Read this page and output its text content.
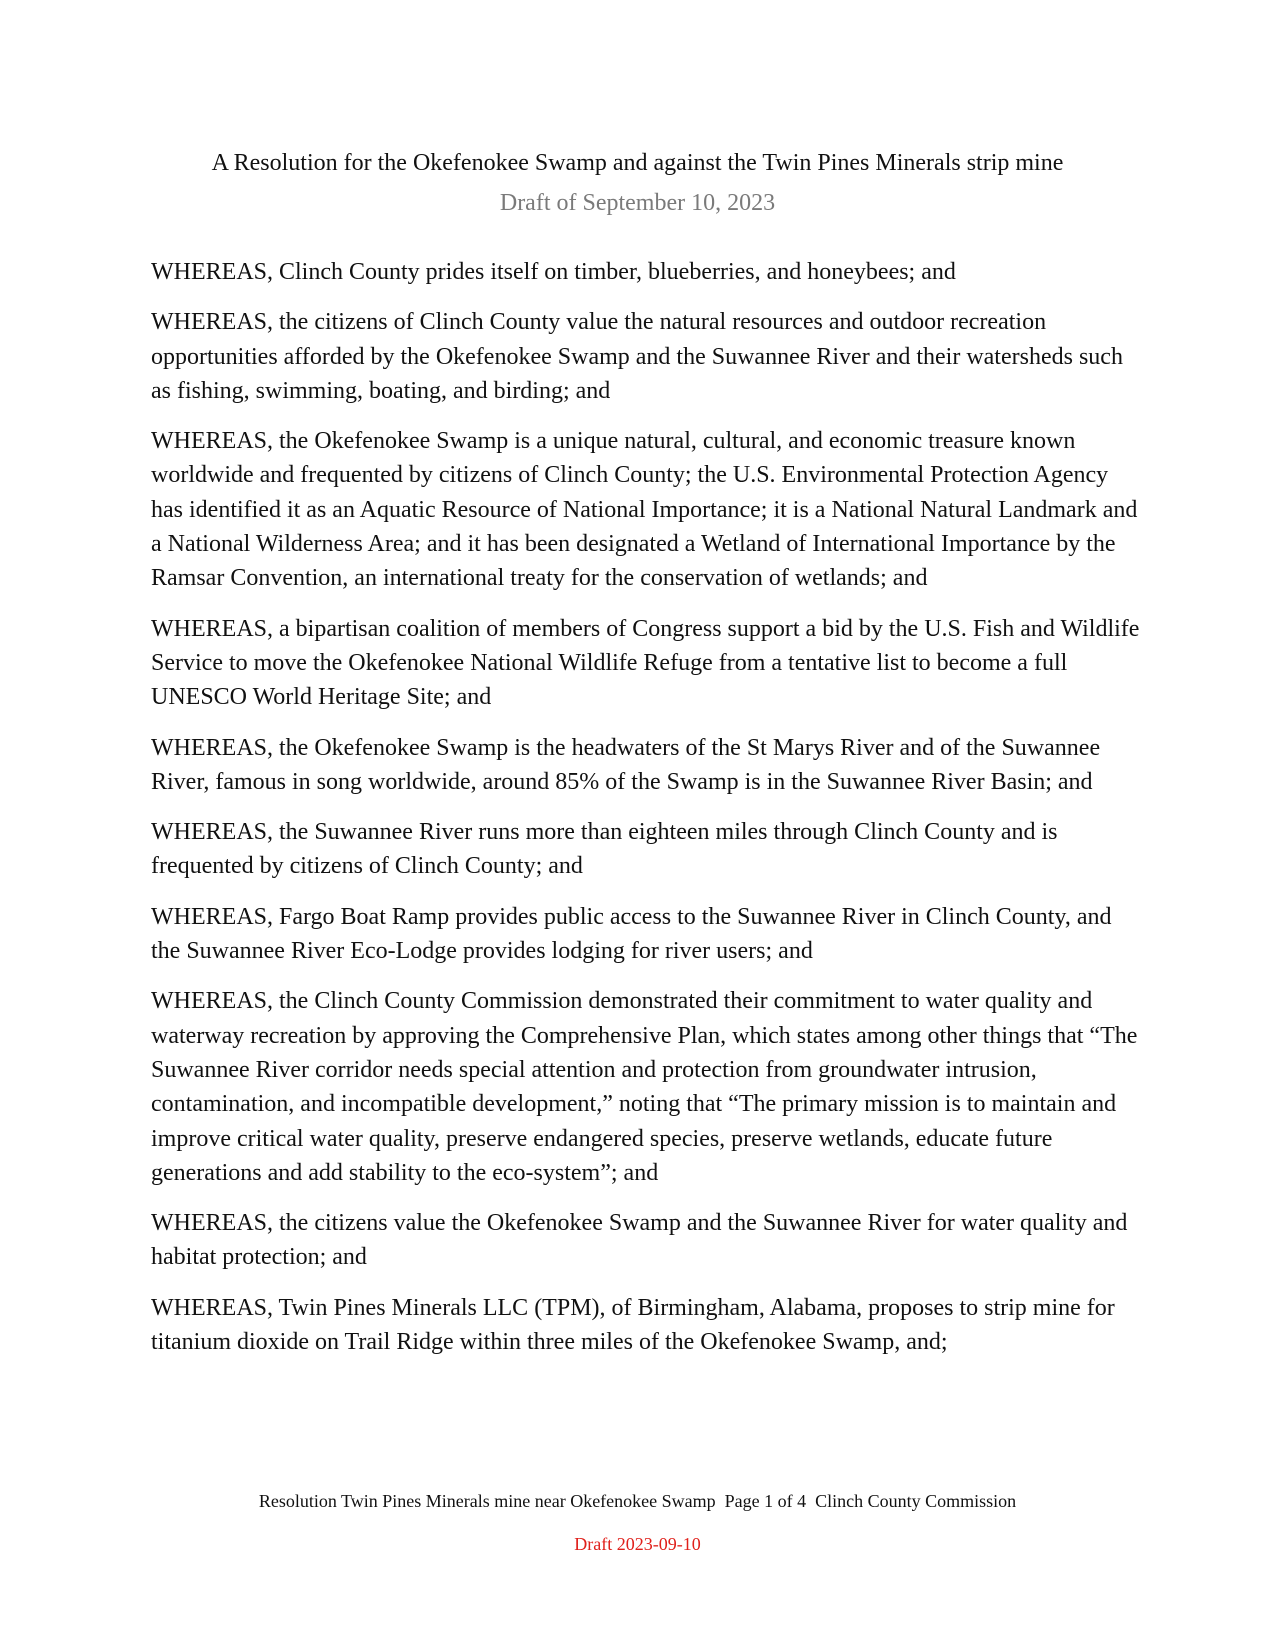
A Resolution for the Okefenokee Swamp and against the Twin Pines Minerals strip mine
Draft of September 10, 2023

WHEREAS, Clinch County prides itself on timber, blueberries, and honeybees; and

WHEREAS, the citizens of Clinch County value the natural resources and outdoor recreation opportunities afforded by the Okefenokee Swamp and the Suwannee River and their watersheds such as fishing, swimming, boating, and birding; and

WHEREAS, the Okefenokee Swamp is a unique natural, cultural, and economic treasure known worldwide and frequented by citizens of Clinch County; the U.S. Environmental Protection Agency has identified it as an Aquatic Resource of National Importance; it is a National Natural Landmark and a National Wilderness Area; and it has been designated a Wetland of International Importance by the Ramsar Convention, an international treaty for the conservation of wetlands; and

WHEREAS, a bipartisan coalition of members of Congress support a bid by the U.S. Fish and Wildlife Service to move the Okefenokee National Wildlife Refuge from a tentative list to become a full UNESCO World Heritage Site; and

WHEREAS, the Okefenokee Swamp is the headwaters of the St Marys River and of the Suwannee River, famous in song worldwide, around 85% of the Swamp is in the Suwannee River Basin; and

WHEREAS, the Suwannee River runs more than eighteen miles through Clinch County and is frequented by citizens of Clinch County; and

WHEREAS, Fargo Boat Ramp provides public access to the Suwannee River in Clinch County, and the Suwannee River Eco-Lodge provides lodging for river users; and

WHEREAS, the Clinch County Commission demonstrated their commitment to water quality and waterway recreation by approving the Comprehensive Plan, which states among other things that “The Suwannee River corridor needs special attention and protection from groundwater intrusion, contamination, and incompatible development,” noting that “The primary mission is to maintain and improve critical water quality, preserve endangered species, preserve wetlands, educate future generations and add stability to the eco-system”; and

WHEREAS, the citizens value the Okefenokee Swamp and the Suwannee River for water quality and habitat protection; and

WHEREAS, Twin Pines Minerals LLC (TPM), of Birmingham, Alabama, proposes to strip mine for titanium dioxide on Trail Ridge within three miles of the Okefenokee Swamp, and;

Resolution Twin Pines Minerals mine near Okefenokee Swamp  Page 1 of 4  Clinch County Commission
Draft 2023-09-10
